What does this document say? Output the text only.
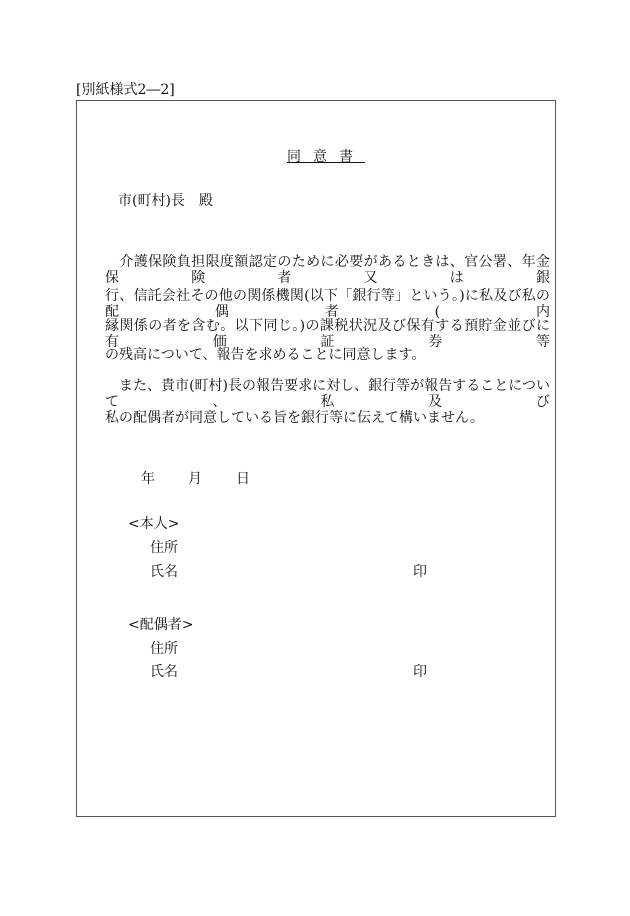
[別紙様式2―2]
同意書
市(町村)長　殿
　介護保険負担限度額認定のために必要があるときは、官公署、年金保険者又は銀
行、信託会社その他の関係機関(以下「銀行等」という。)に私及び私の配偶者(内
縁関係の者を含む。以下同じ。)の課税状況及び保有する預貯金並びに有価証券等
の残高について、報告を求めることに同意します。
　また、貴市(町村)長の報告要求に対し、銀行等が報告することについて、私及び
私の配偶者が同意している旨を銀行等に伝えて構いません。
年 月 日
<本人>
住所
氏名	印
<配偶者>
住所
氏名	印
